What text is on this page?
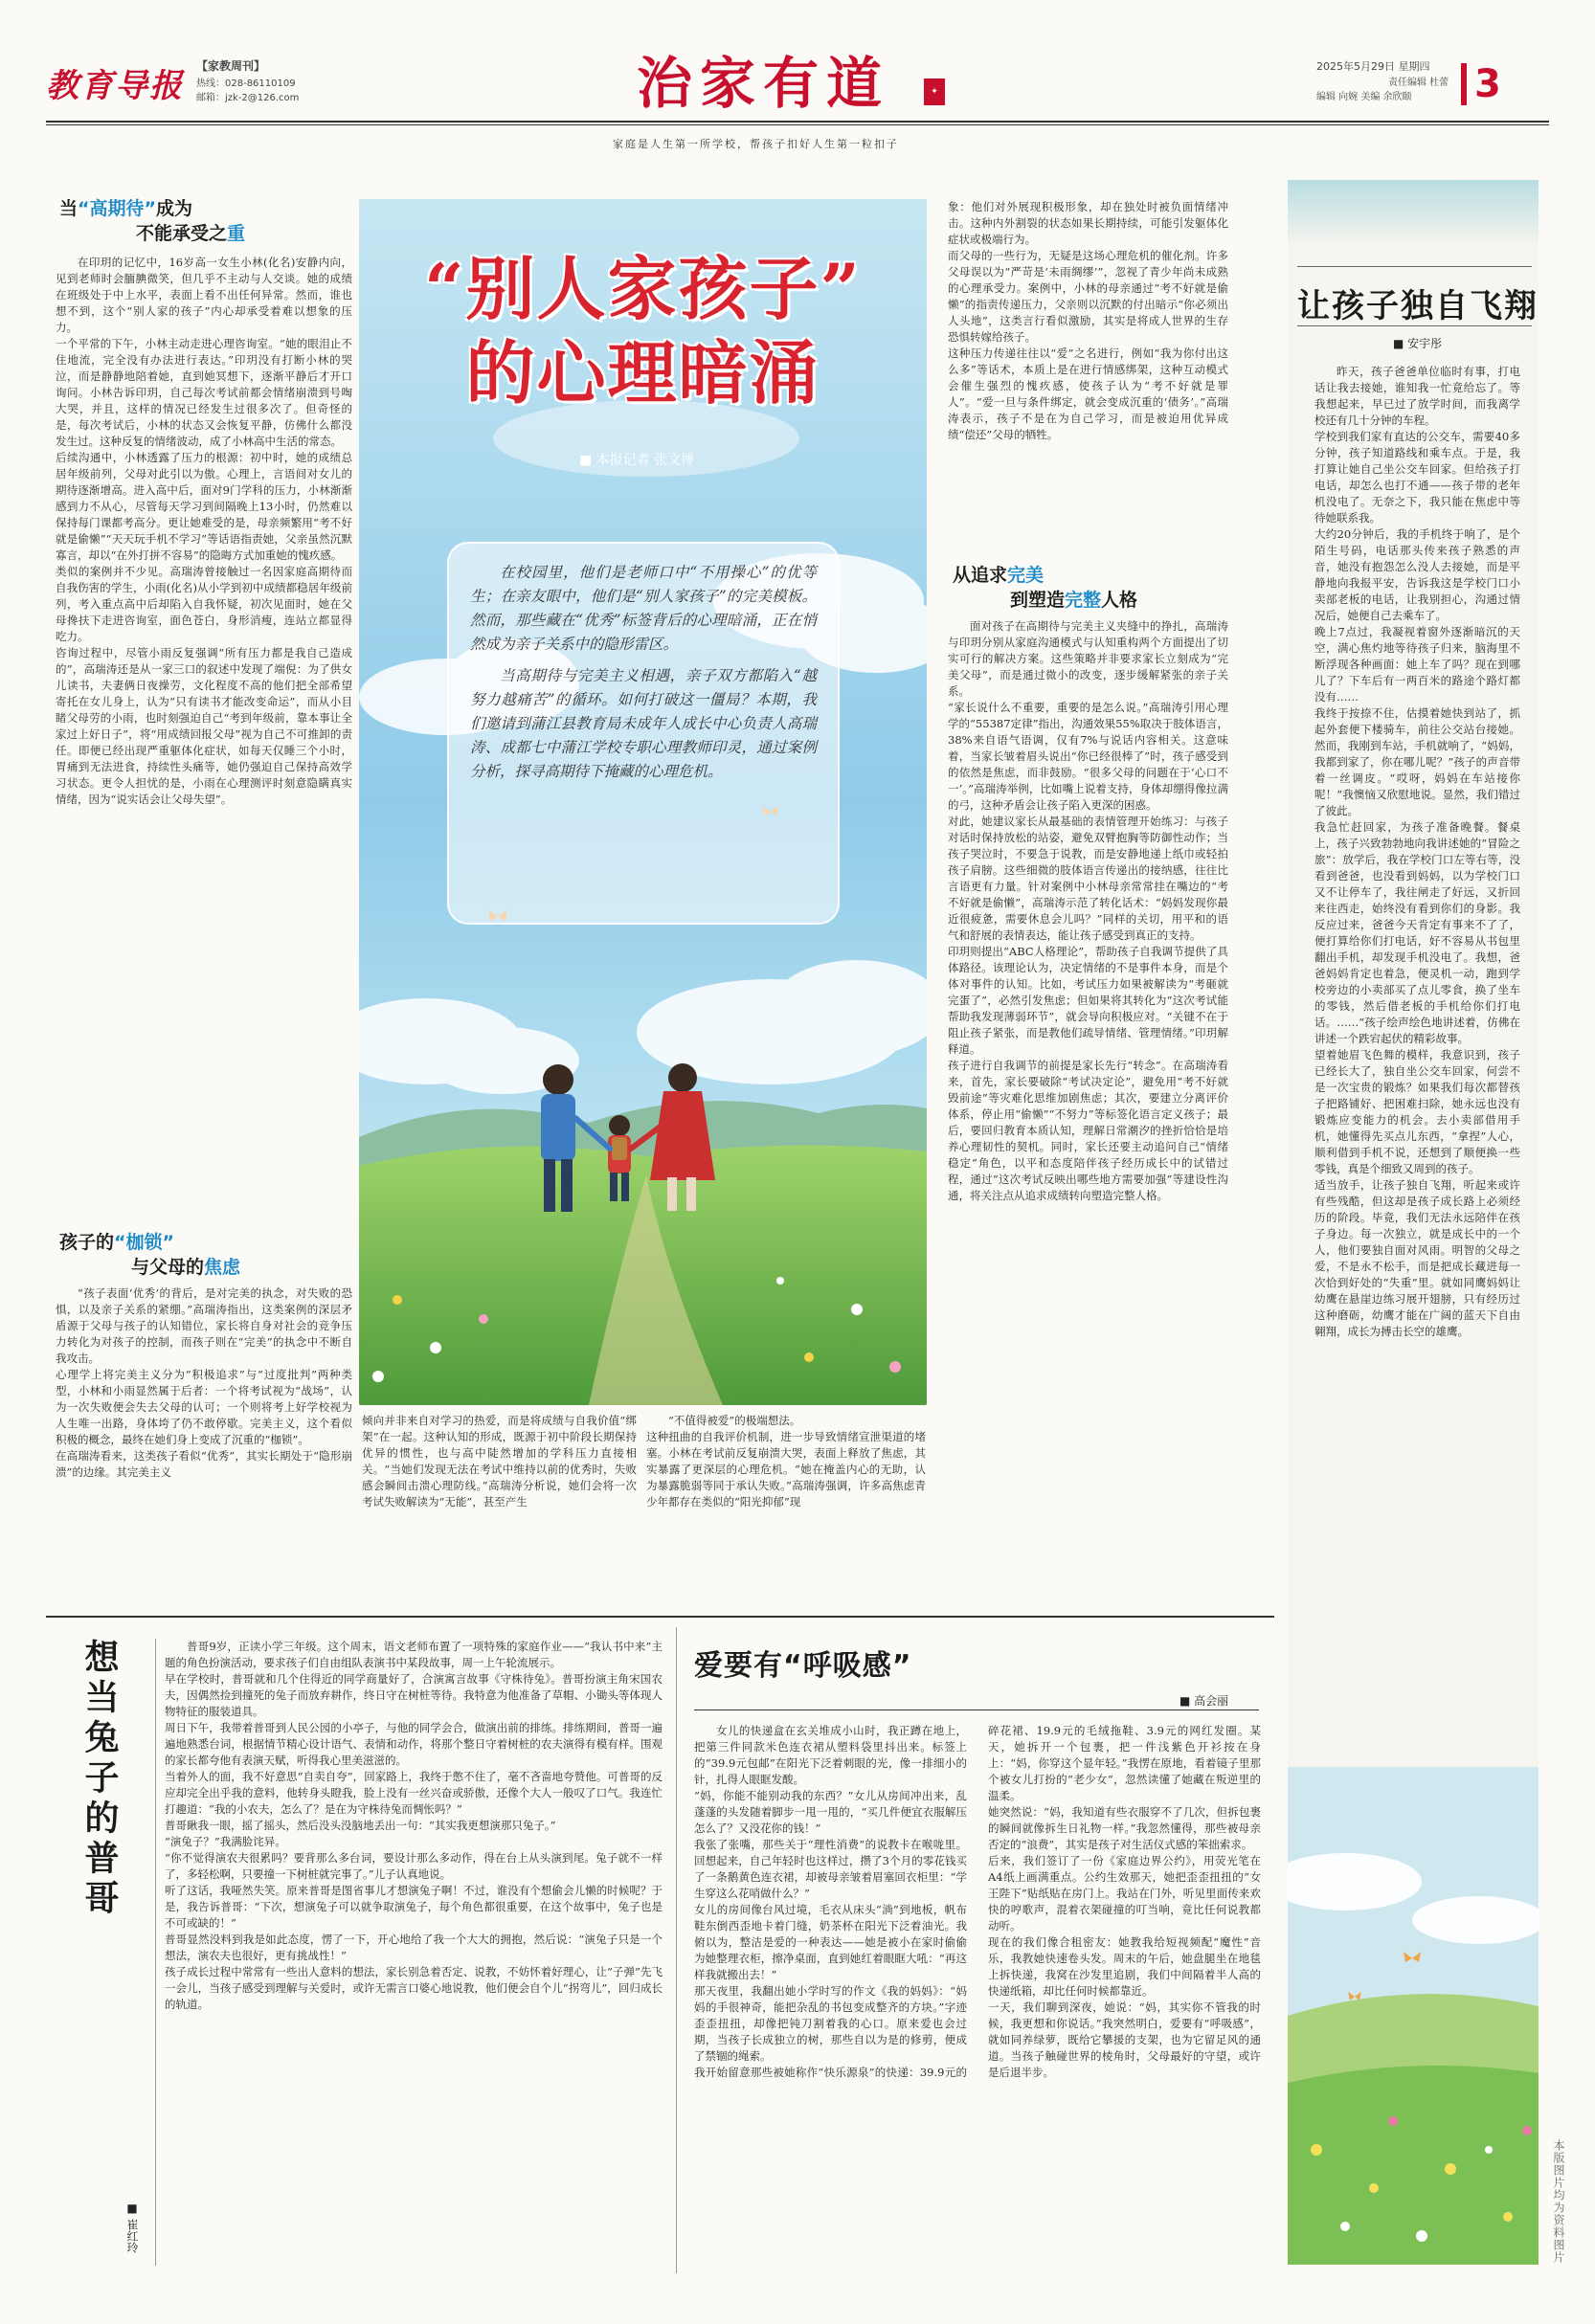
教育导报
【家教周刊】
热线：028-86110109
邮箱：jzk-2@126.com	治家有道	✦
家庭是人生第一所学校，帮孩子扣好人生第一粒扣子
2025年5月29日 星期四
责任编辑 杜蕾
编辑 向婉 美编 余欣颐	3
当“高期待”成为
不能承受之重
在印玥的记忆中，16岁高一女生小林(化名)安静内向，见到老师时会腼腆微笑，但几乎不主动与人交谈。她的成绩在班级处于中上水平，表面上看不出任何异常。然而，谁也想不到，这个“别人家的孩子”内心却承受着难以想象的压力。
一个平常的下午，小林主动走进心理咨询室。“她的眼泪止不住地流，完全没有办法进行表达。”印玥没有打断小林的哭泣，而是静静地陪着她，直到她冥想下，逐渐平静后才开口询问。小林告诉印玥，自己每次考试前都会情绪崩溃到号啕大哭，并且，这样的情况已经发生过很多次了。但奇怪的是，每次考试后，小林的状态又会恢复平静，仿佛什么都没发生过。这种反复的情绪波动，成了小林高中生活的常态。
后续沟通中，小林透露了压力的根源：初中时，她的成绩总居年级前列，父母对此引以为傲。心理上，言语间对女儿的期待逐渐增高。进入高中后，面对9门学科的压力，小林渐渐感到力不从心，尽管每天学习到间隔晚上13小时，仍然难以保持每门课都考高分。更让她难受的是，母亲频繁用“考不好就是偷懒”“天天玩手机不学习”等话语指责她，父亲虽然沉默寡言，却以“在外打拼不容易”的隐晦方式加重她的愧疚感。
类似的案例并不少见。高瑞涛曾接触过一名因家庭高期待而自我伤害的学生，小雨(化名)从小学到初中成绩都稳居年级前列，考入重点高中后却陷入自我怀疑，初次见面时，她在父母搀扶下走进咨询室，面色苍白，身形消瘦，连站立都显得吃力。
咨询过程中，尽管小雨反复强调“所有压力都是我自己造成的”，高瑞涛还是从一家三口的叙述中发现了端倪：为了供女儿读书，夫妻俩日夜操劳，文化程度不高的他们把全部希望寄托在女儿身上，认为“只有读书才能改变命运”，而从小目睹父母劳的小雨，也时刻强迫自己“考到年级前，靠本事让全家过上好日子”，将“用成绩回报父母”视为自己不可推卸的责任。即便已经出现严重躯体化症状，如每天仅睡三个小时，胃痛到无法进食，持续性头痛等，她仍强迫自己保持高效学习状态。更令人担忧的是，小雨在心理测评时刻意隐瞒真实情绪，因为“说实话会让父母失望”。
孩子的“枷锁”
与父母的焦虑
“孩子表面‘优秀’的背后，是对完美的执念，对失败的恐惧，以及亲子关系的紧绷。”高瑞涛指出，这类案例的深层矛盾源于父母与孩子的认知错位，家长将自身对社会的竞争压力转化为对孩子的控制，而孩子则在“完美”的执念中不断自我攻击。
心理学上将完美主义分为“积极追求”与“过度批判”两种类型，小林和小雨显然属于后者：一个将考试视为“战场”，认为一次失败便会失去父母的认可；一个则将考上好学校视为人生唯一出路，身体垮了仍不敢停歇。完美主义，这个看似积极的概念，最终在她们身上变成了沉重的“枷锁”。
在高瑞涛看来，这类孩子看似“优秀”，其实长期处于“隐形崩溃”的边缘。其完美主义
“别人家孩子”
的心理暗涌
■ 本报记者 张文博

在校园里，他们是老师口中“不用操心”的优等生；在亲友眼中，他们是“别人家孩子”的完美模板。然而，那些藏在“优秀”标签背后的心理暗涌，正在悄然成为亲子关系中的隐形雷区。

当高期待与完美主义相遇，亲子双方都陷入“越努力越痛苦”的循环。如何打破这一僵局？本期，我们邀请到蒲江县教育局未成年人成长中心负责人高瑞涛、成都七中蒲江学校专职心理教师印灵，通过案例分析，探寻高期待下掩藏的心理危机。

倾向并非来自对学习的热爱，而是将成绩与自我价值“绑架”在一起。这种认知的形成，既源于初中阶段长期保持优异的惯性，也与高中陡然增加的学科压力直接相关。“当她们发现无法在考试中维持以前的优秀时，失败感会瞬间击溃心理防线。”高瑞涛分析说，她们会将一次考试失败解读为“无能”，甚至产生
“不值得被爱”的极端想法。
这种扭曲的自我评价机制，进一步导致情绪宣泄渠道的堵塞。小林在考试前反复崩溃大哭，表面上释放了焦虑，其实暴露了更深层的心理危机。“她在掩盖内心的无助，认为暴露脆弱等同于承认失败。”高瑞涛强调，许多高焦虑青少年都存在类似的“阳光抑郁”现
象：他们对外展现积极形象，却在独处时被负面情绪冲击。这种内外割裂的状态如果长期持续，可能引发躯体化症状或极端行为。
而父母的一些行为，无疑是这场心理危机的催化剂。许多父母误以为“严苛是‘未雨绸缪’”，忽视了青少年尚未成熟的心理承受力。案例中，小林的母亲通过“考不好就是偷懒”的指责传递压力，父亲则以沉默的付出暗示“你必须出人头地”，这类言行看似激励，其实是将成人世界的生存恐惧转嫁给孩子。
这种压力传递往往以“爱”之名进行，例如“我为你付出这么多”等话术，本质上是在进行情感绑架，这种互动模式会催生强烈的愧疚感，使孩子认为“考不好就是罪人”。“爱一旦与条件绑定，就会变成沉重的‘债务’。”高瑞涛表示，孩子不是在为自己学习，而是被迫用优异成绩“偿还”父母的牺牲。
从追求完美
到塑造完整人格
面对孩子在高期待与完美主义夹缝中的挣扎，高瑞涛与印玥分别从家庭沟通模式与认知重构两个方面提出了切实可行的解决方案。这些策略并非要求家长立刻成为“完美父母”，而是通过微小的改变，逐步缓解紧张的亲子关系。
“家长说什么不重要，重要的是怎么说。”高瑞涛引用心理学的“55387定律”指出，沟通效果55%取决于肢体语言，38%来自语气语调，仅有7%与说话内容相关。这意味着，当家长皱着眉头说出“你已经很棒了”时，孩子感受到的依然是焦虑，而非鼓励。“很多父母的问题在于‘心口不一’。”高瑞涛举例，比如嘴上说着支持，身体却绷得像拉满的弓，这种矛盾会让孩子陷入更深的困惑。
对此，她建议家长从最基础的表情管理开始练习：与孩子对话时保持放松的站姿，避免双臂抱胸等防御性动作；当孩子哭泣时，不要急于说教，而是安静地递上纸巾或轻拍孩子肩膀。这些细微的肢体语言传递出的接纳感，往往比言语更有力量。针对案例中小林母亲常常挂在嘴边的“考不好就是偷懒”，高瑞涛示范了转化话术：“妈妈发现你最近很疲惫，需要休息会儿吗？”同样的关切，用平和的语气和舒展的表情表达，能让孩子感受到真正的支持。
印玥则提出“ABC人格理论”，帮助孩子自我调节提供了具体路径。该理论认为，决定情绪的不是事件本身，而是个体对事件的认知。比如，考试压力如果被解读为“考砸就完蛋了”，必然引发焦虑；但如果将其转化为“这次考试能帮助我发现薄弱环节”，就会导向积极应对。“关键不在于阻止孩子紧张，而是教他们疏导情绪、管理情绪。”印玥解释道。
孩子进行自我调节的前提是家长先行“转念”。在高瑞涛看来，首先，家长要破除“考试决定论”，避免用“考不好就毁前途”等灾难化思维加剧焦虑；其次，要建立分离评价体系，停止用“偷懒”“不努力”等标签化语言定义孩子；最后，要回归教育本质认知，理解日常潮汐的挫折恰恰是培养心理韧性的契机。同时，家长还要主动追问自己“情绪稳定”角色，以平和态度陪伴孩子经历成长中的试错过程，通过“这次考试反映出哪些地方需要加强”等建设性沟通，将关注点从追求成绩转向塑造完整人格。
让孩子独自飞翔
■ 安宇彤
昨天，孩子爸爸单位临时有事，打电话让我去接她，谁知我一忙竟给忘了。等我想起来，早已过了放学时间，而我离学校还有几十分钟的车程。
学校到我们家有直达的公交车，需要40多分钟，孩子知道路线和乘车点。于是，我打算让她自己坐公交车回家。但给孩子打电话，却怎么也打不通——孩子带的老年机没电了。无奈之下，我只能在焦虑中等待她联系我。
大约20分钟后，我的手机终于响了，是个陌生号码，电话那头传来孩子熟悉的声音，她没有抱怨怎么没人去接她，而是平静地向我报平安，告诉我这是学校门口小卖部老板的电话，让我别担心，沟通过情况后，她便自己去乘车了。
晚上7点过，我凝视着窗外逐渐暗沉的天空，满心焦灼地等待孩子归来，脑海里不断浮现各种画面：她上车了吗？现在到哪儿了？下车后有一两百米的路途个路灯都没有……
我终于按捺不住，估摸着她快到站了，抓起外套便下楼骑车，前往公交站台接她。然而，我刚到车站，手机就响了，“妈妈，我都到家了，你在哪儿呢？”孩子的声音带着一丝调皮。“哎呀，妈妈在车站接你呢！”我懊恼又欣慰地说。显然，我们错过了彼此。
我急忙赶回家，为孩子准备晚餐。餐桌上，孩子兴致勃勃地向我讲述她的“冒险之旅”：放学后，我在学校门口左等右等，没看到爸爸，也没看到妈妈，以为学校门口又不让停车了，我往闸走了好远，又折回来往西走，始终没有看到你们的身影。我反应过来，爸爸今天肯定有事来不了了，便打算给你们打电话，好不容易从书包里翻出手机，却发现手机没电了。我想，爸爸妈妈肯定也着急，便灵机一动，跑到学校旁边的小卖部买了点儿零食，换了坐车的零钱，然后借老板的手机给你们打电话。……“孩子绘声绘色地讲述着，仿佛在讲述一个跌宕起伏的精彩故事。
望着她眉飞色舞的模样，我意识到，孩子已经长大了，独自坐公交车回家，何尝不是一次宝贵的锻炼？如果我们每次都替孩子把路铺好、把困难扫除，她永远也没有锻炼应变能力的机会。去小卖部借用手机，她懂得先买点儿东西，“拿捏”人心，顺利借到手机不说，还想到了顺便换一些零钱，真是个细致又周到的孩子。
适当放手，让孩子独自飞翔，听起来或许有些残酷，但这却是孩子成长路上必须经历的阶段。毕竟，我们无法永远陪伴在孩子身边。每一次独立，就是成长中的一个人，他们要独自面对风雨。明智的父母之爱，不是永不松手，而是把成长藏进每一次恰到好处的“失重”里。就如同鹰妈妈让幼鹰在悬崖边练习展开翅膀，只有经历过这种磨砺，幼鹰才能在广阔的蓝天下自由翱翔，成长为搏击长空的雄鹰。
本版图片均为资料图片
想当兔子的普哥
■ 崔红玲
普哥9岁，正读小学三年级。这个周末，语文老师布置了一项特殊的家庭作业——“我认书中来”主题的角色扮演活动，要求孩子们自由组队表演书中某段故事，周一上午轮流展示。
早在学校时，普哥就和几个住得近的同学商量好了，合演寓言故事《守株待兔》。普哥扮演主角宋国农夫，因偶然捡到撞死的兔子而放弃耕作，终日守在树桩等待。我特意为他准备了草帽、小锄头等体现人物特征的服装道具。
周日下午，我带着普哥到人民公园的小亭子，与他的同学会合，做演出前的排练。排练期间，普哥一遍遍地熟悉台词，根据情节精心设计语气、表情和动作，将那个整日守着树桩的农夫演得有模有样。围观的家长都夸他有表演天赋，听得我心里美滋滋的。
当着外人的面，我不好意思“自卖自夸”，回家路上，我终于憋不住了，毫不吝啬地夸赞他。可普哥的反应却完全出乎我的意料，他转身头瞪我，脸上没有一丝兴奋或骄傲，还像个大人一般叹了口气。我连忙打趣道：“我的小农夫，怎么了？是在为守株待兔而惆怅吗？”
普哥瞅我一眼，摇了摇头，然后没头没脑地丢出一句：“其实我更想演那只兔子。”
“演兔子？”我满脸诧异。
“你不觉得演农夫很累吗？要背那么多台词，要设计那么多动作，得在台上从头演到尾。兔子就不一样了，多轻松啊，只要撞一下树桩就完事了。”儿子认真地说。
听了这话，我哑然失笑。原来普哥是图省事儿才想演兔子啊！不过，谁没有个想偷会儿懒的时候呢？于是，我告诉普哥：“下次，想演兔子可以就争取演兔子，每个角色都很重要，在这个故事中，兔子也是不可或缺的！”
普哥显然没料到我是如此态度，愣了一下，开心地给了我一个大大的拥抱，然后说：“演兔子只是一个想法，演农夫也很好，更有挑战性！”
孩子成长过程中常常有一些出人意料的想法，家长别急着否定、说教，不妨怀着好理心，让“子弹”先飞一会儿，当孩子感受到理解与关爱时，或许无需言口婆心地说教，他们便会自个儿“拐弯儿”，回归成长的轨道。
爱要有“呼吸感”
■ 高会丽
女儿的快递盒在玄关堆成小山时，我正蹲在地上，把第三件同款米色连衣裙从塑料袋里抖出来。标签上的“39.9元包邮”在阳光下泛着刺眼的光，像一排细小的针，扎得人眼眶发酸。
“妈，你能不能别动我的东西？”女儿从房间冲出来，乱蓬蓬的头发随着脚步一甩一甩的，“买几件便宜衣服解压怎么了？又没花你的钱！”
我张了张嘴，那些关于“理性消费”的说教卡在喉咙里。回想起来，自己年轻时也这样过，攒了3个月的零花钱买了一条鹅黄色连衣裙，却被母亲皱着眉塞回衣柜里：“学生穿这么花哨做什么？”
女儿的房间像台风过境，毛衣从床头“淌”到地板，帆布鞋东倒西歪地卡着门缝，奶茶杯在阳光下泛着油光。我俯以为，整洁是爱的一种表达——她是被小在家时偷偷为她整理衣柜，擦净桌面，直到她红着眼眶大吼：“再这样我就搬出去！”
那天夜里，我翻出她小学时写的作文《我的妈妈》：“妈妈的手很神奇，能把杂乱的书包变成整齐的方块。”字迹歪歪扭扭，却像把钝刀割着我的心口。原来爱也会过期，当孩子长成独立的树，那些自以为是的修剪，便成了禁锢的绳索。
我开始留意那些被她称作“快乐源泉”的快递：39.9元的碎花裙、19.9元的毛绒拖鞋、3.9元的网红发圈。某天，她拆开一个包裹，把一件浅紫色开衫按在身上：“妈，你穿这个显年轻。”我愣在原地，看着镜子里那个被女儿打扮的“老少女”，忽然读懂了她藏在叛逆里的温柔。
她突然说：“妈，我知道有些衣服穿不了几次，但拆包裹的瞬间就像拆生日礼物一样。”我忽然懂得，那些被母亲否定的“浪费”，其实是孩子对生活仪式感的笨拙索求。
后来，我们签订了一份《家庭边界公约》，用荧光笔在A4纸上画满重点。公约生效那天，她把歪歪扭扭的“女王陛下”贴纸贴在房门上。我站在门外，听见里面传来欢快的哼歌声，混着衣架碰撞的叮当响，竟比任何说教都动听。
现在的我们像合租密友：她教我给短视频配“魔性”音乐，我教她快速卷头发。周末的午后，她盘腿坐在地毯上拆快递，我窝在沙发里追剧，我们中间隔着半人高的快递纸箱，却比任何时候都靠近。
一天，我们聊到深夜，她说：“妈，其实你不管我的时候，我更想和你说话。”我突然明白，爱要有“呼吸感”，就如同养绿萝，既给它攀援的支架，也为它留足风的通道。当孩子触碰世界的棱角时，父母最好的守望，或许是后退半步。
